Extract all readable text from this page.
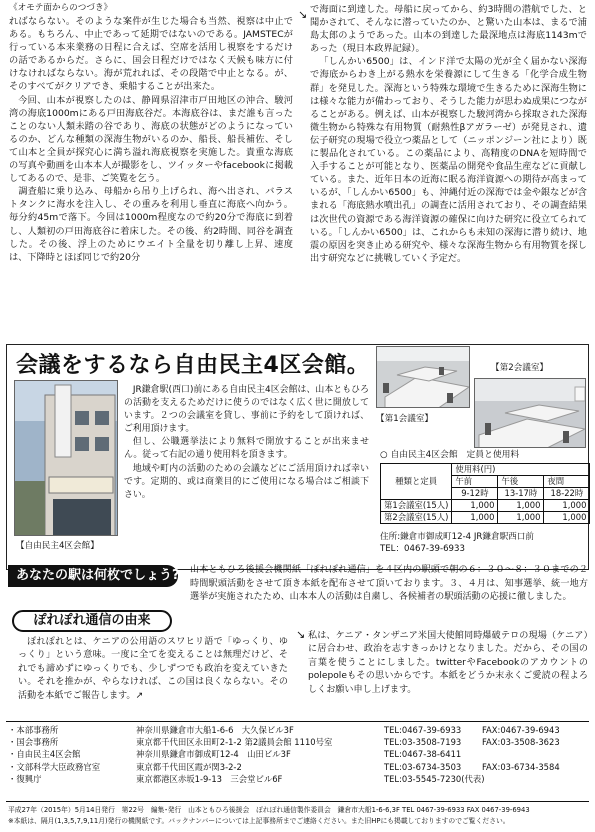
《オモテ面からのつづき》

ればならない。そのような案件が生じた場合も当然、視察は中止である。もちろん、中止であって延期ではないのである。JAMSTECが行っている本来業務の日程に合えば、空席を活用し視察をするだけの話であるからだ。さらに、国会日程だけではなく天候も味方に付けなければならない。海が荒れれば、その段階で中止となる。が、そのすべてがクリアでき、乗船することが出来た。

今回、山本が視察したのは、静岡県沼津市戸田地区の沖合、駿河湾の海底1000mにある戸田海底谷だ。本海底谷は、まだ誰も言ったことのない人類未踏の谷であり、海底の状態がどのようになっているのか、どんな種類の深海生物がいるのか、船長、船長補佐、そして山本と全員が探究心に満ち溢れ海底視察を実施した。貴重な海底の写真や動画を山本本人が撮影をし、ツイッターやfacebookに掲載してあるので、是非、ご笑覧を乞う。

調査船に乗り込み、母船から吊り上げられ、海へ出され、バラストタンクに海水を注入し、その重みを利用し垂直に海底へ向かう。毎分約45mで落下。今回は1000m程度なので約20分で海底に到着し、人類初の戸田海底谷に着床した。その後、約2時間、同谷を調査した。その後、浮上のためにウエイト全量を切り離し上昇、速度は、下降時とほぼ同じで約20分

↘ で海面に到達した。母船に戻ってから、約3時間の潜航でした、と聞かされて、そんなに潜っていたのか、と驚いた山本は、まるで浦島太郎のようであった。山本の到達した最深地点は海底1143mであった（現日本政界記録）。

「しんかい6500」は、インド洋で太陽の光が全く届かない深海で海底からわき上がる熱水を栄養源にして生きる「化学合成生物群」を発見した。深海という特殊な環境で生きるために深海生物には様々な能力が備わっており、そうした能力が思わぬ成果につながることがある。例えば、山本が視察した駿河湾から採取された深海微生物から特殊な有用物質（耐熱性βアガラーゼ）が発見され、遺伝子研究の現場で役立つ薬品として（ニッポンジーン社により）既に製品化されている。この薬品により、高精度のDNAを短時間で入手することが可能となり、医薬品の開発や食品生産などに貢献している。また、近年日本の近海に眠る海洋資源への期待が高まっているが、「しんかい6500」も、沖縄付近の深海では金や銀などが含まれる「海底熱水噴出孔」の調査に活用されており、その調査結果は次世代の資源である海洋資源の確保に向けた研究に役立てられている。「しんかい6500」は、これからも未知の深海に潜り続け、地震の原因を突き止める研究や、様々な深海生物から有用物質を探し出す研究などに挑戦していく予定だ。

会議をするなら自由民主4区会館。	【第2会議室】
【第1会議室】
【自由民主4区会館】

JR鎌倉駅(西口)前にある自由民主4区会館は、山本ともひろの活動を支えるためだけに使うのではなく広く世に開放しています。２つの会議室を貸し、事前に予約をして頂ければ、ご利用頂けます。

但し、公職選挙法により無料で開放することが出来ません。従って右記の通り使用料を頂きます。

地域や町内の活動のための会議などにご活用頂ければ幸いです。定期的、或は商業目的にご使用になる場合はご相談下さい。

○ 自由民主4区会館　定員と使用料
種類と定員	使用料(円)		
	午前	午後	夜間
	9-12時	13-17時	18-22時
第1会議室(15人)	1,000	1,000	1,000
第2会議室(15人)	1,000	1,000	1,000
住所:鎌倉市御成町12-4 JR鎌倉駅西口前
TEL：0467-39-6933
あなたの駅は何枚でしょう? 山本ともひろ後援会機関紙「ぽれぽれ通信」を４区内の駅頭で朝の６：３０～８：３０までの２時間駅頭活動をさせて頂き本紙を配布させて頂いております。３、４月は、知事選挙、統一地方選挙が実施されたため、山本本人の活動は自粛し、各候補者の駅頭活動の応援に徹しました。
ぽれぽれ通信の由来
ぽれぽれとは、ケニアの公用語のスワヒリ語で「ゆっくり、ゆっくり」という意味。一度に全てを変えることは無理だけど、それでも諦めずにゆっくりでも、少しずつでも政治を変えていきたい。それを推かが、やらなければ、この国は良くならない。その活動を本紙でご報告します。↗
↘ 私は、ケニア・タンザニア米国大使館同時爆破テロの現場（ケニア）に居合わせ、政治を志すきっかけとなりました。だから、その国の言葉を使うことにしました。twitterやFacebookのアカウントのpolepoleもその思いからです。本紙をどうか末永くご愛読の程よろしくお願い申し上げます。
・本部事務所	神奈川県鎌倉市大船1-6-6　大久保ビル3F	TEL:0467-39-6933	FAX:0467-39-6943
・国会事務所	東京都千代田区永田町2-1-2 第2議員会館 1110号室	TEL:03-3508-7193	FAX:03-3508-3623
・自由民主4区会館	神奈川県鎌倉市御成町12-4　山田ビル3F	TEL:0467-38-6411	
・文部科学大臣政務官室	東京都千代田区霞が関3-2-2	TEL:03-6734-3503	FAX:03-6734-3584
・復興庁	東京都港区赤坂1-9-13　三会堂ビル6F	TEL:03-5545-7230(代表)	
平成27年（2015年）5月14日発行　第22号　編集･発行　山本ともひろ後援会　ぽれぽれ通信製作委員会　鎌倉市大船1-6-6,3F TEL 0467-39-6933 FAX 0467-39-6943
※本紙は、隔月(1,3,5,7,9,11月)発行の機関紙です。バックナンバーについては上記事務所までご連絡ください。また旧HPにも掲載しておりますのでご覧ください。
